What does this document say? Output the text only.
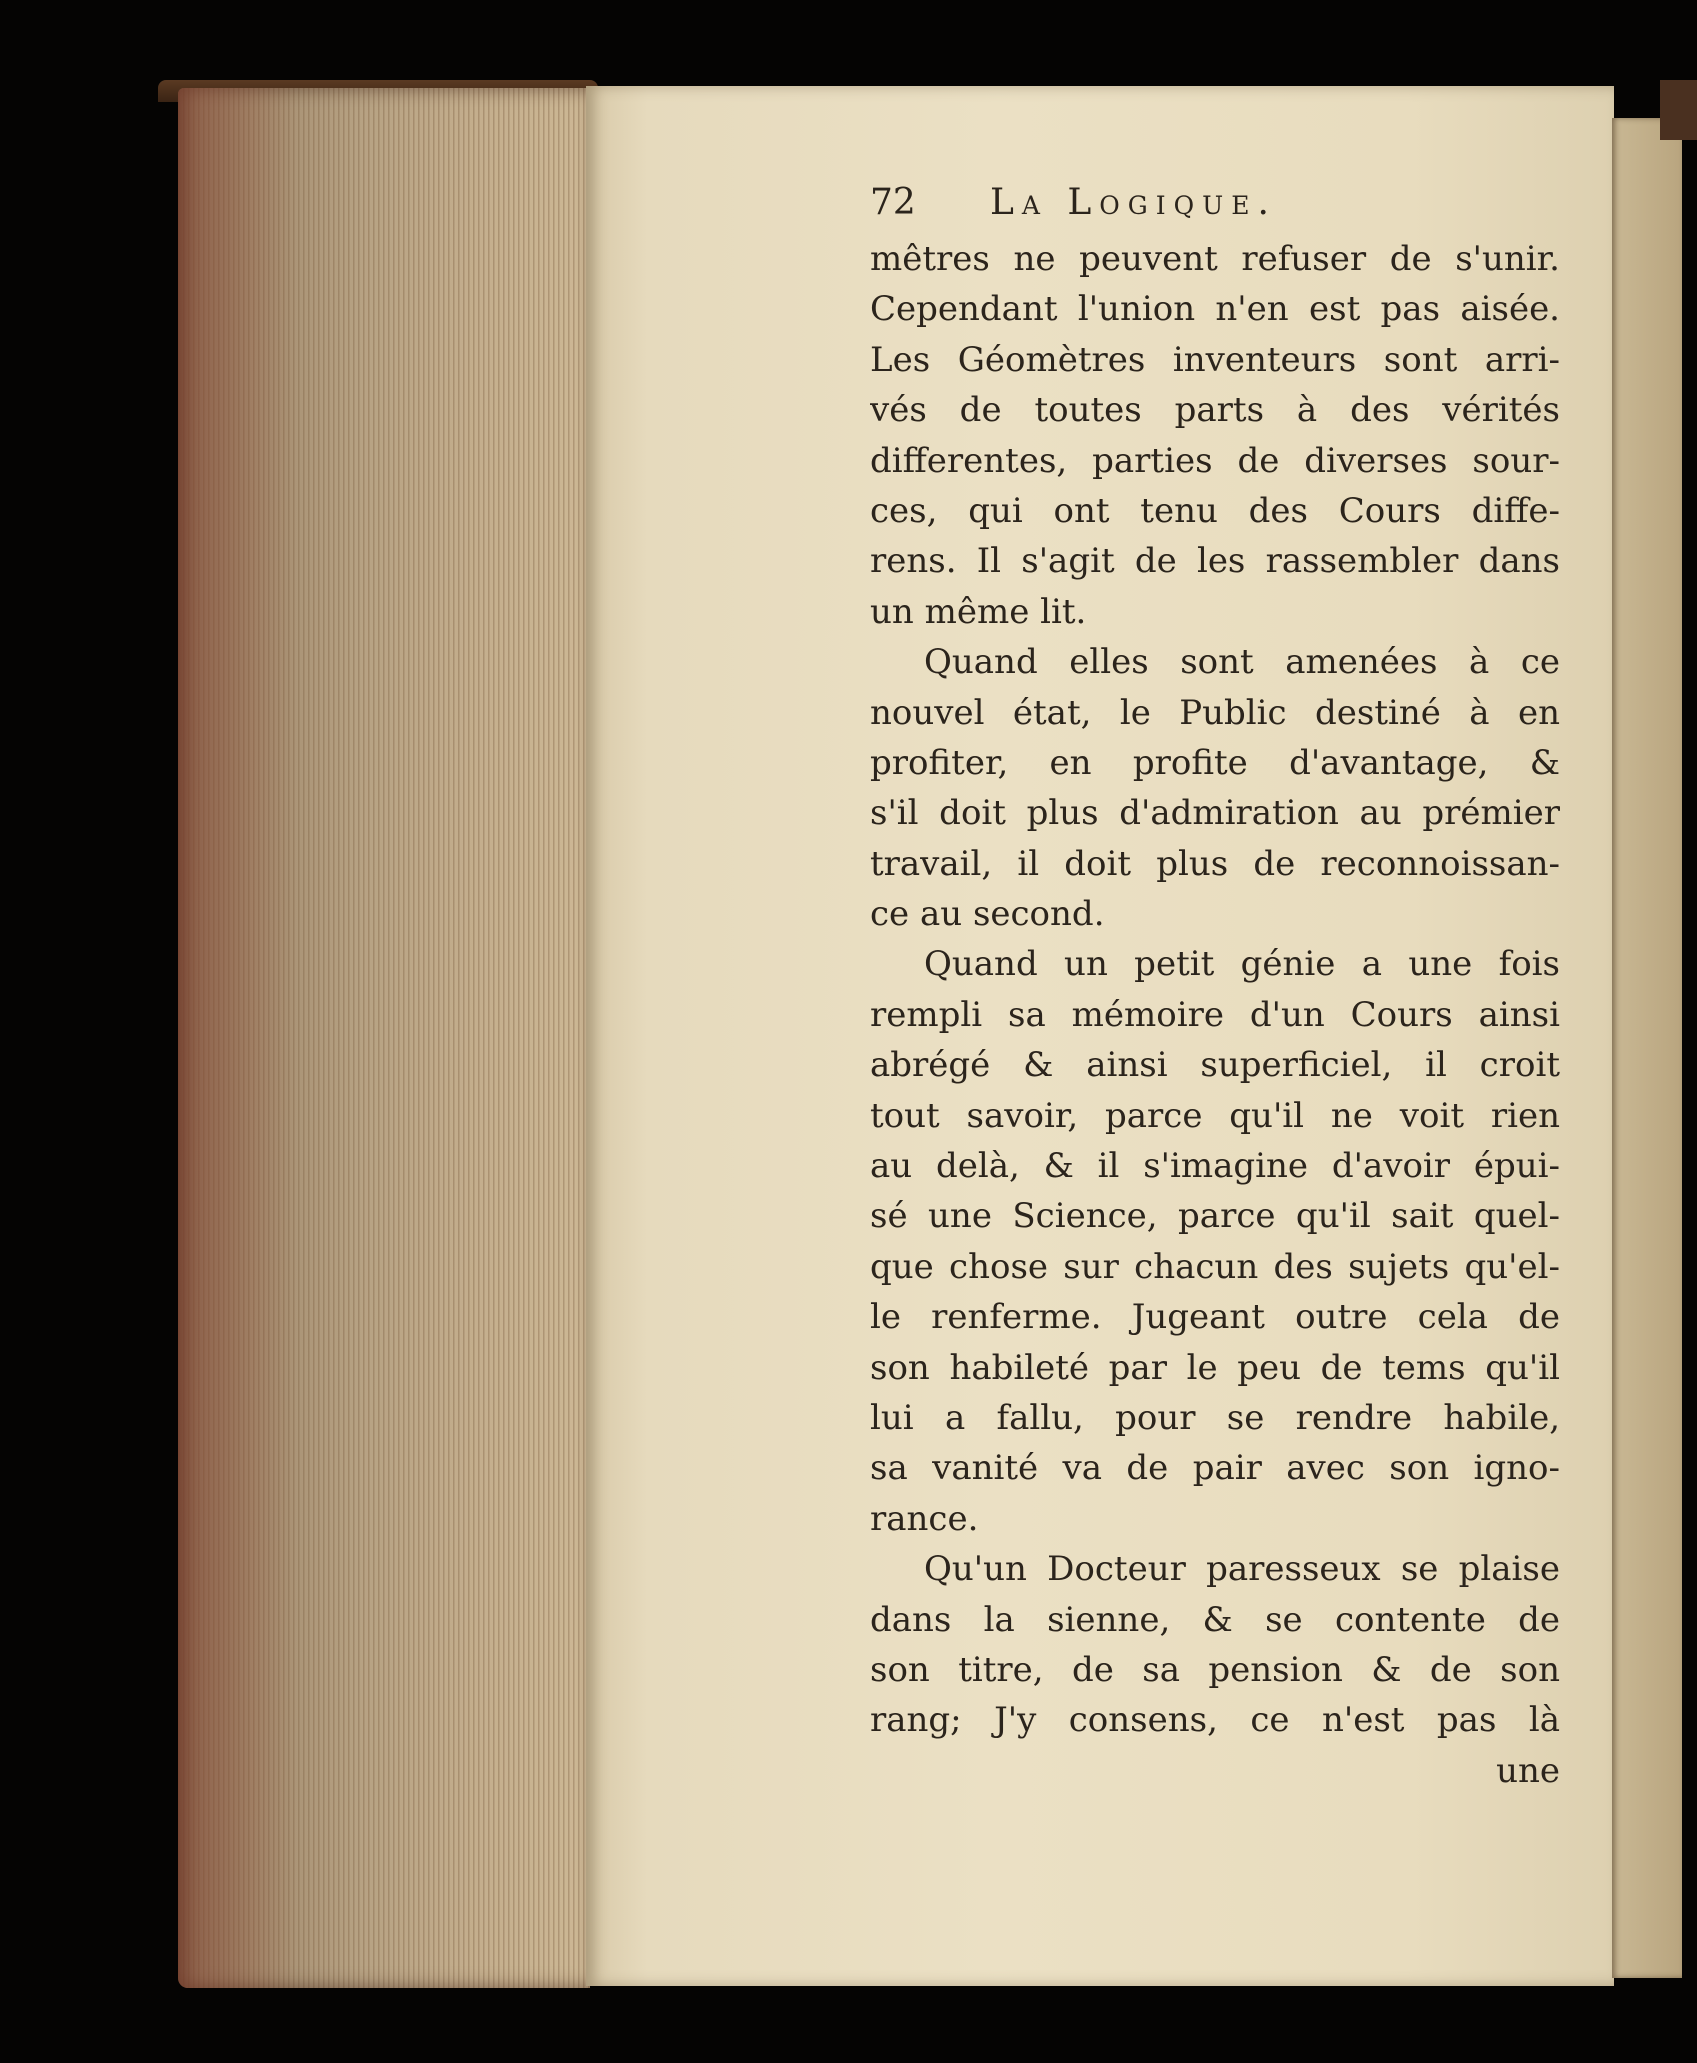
72	La Logique.
mêtres ne peuvent refuser de s'unir.
Cependant l'union n'en est pas aisée.
Les Géomètres inventeurs sont arri-
vés de toutes parts à des vérités
differentes, parties de diverses sour-
ces, qui ont tenu des Cours diffe-
rens. Il s'agit de les rassembler dans
un même lit.
Quand elles sont amenées à ce
nouvel état, le Public destiné à en
profiter, en profite d'avantage, &
s'il doit plus d'admiration au prémier
travail, il doit plus de reconnoissan-
ce au second.
Quand un petit génie a une fois
rempli sa mémoire d'un Cours ainsi
abrégé & ainsi superficiel, il croit
tout savoir, parce qu'il ne voit rien
au delà, & il s'imagine d'avoir épui-
sé une Science, parce qu'il sait quel-
que chose sur chacun des sujets qu'el-
le renferme. Jugeant outre cela de
son habileté par le peu de tems qu'il
lui a fallu, pour se rendre habile,
sa vanité va de pair avec son igno-
rance.
Qu'un Docteur paresseux se plaise
dans la sienne, & se contente de
son titre, de sa pension & de son
rang; J'y consens, ce n'est pas là
une
